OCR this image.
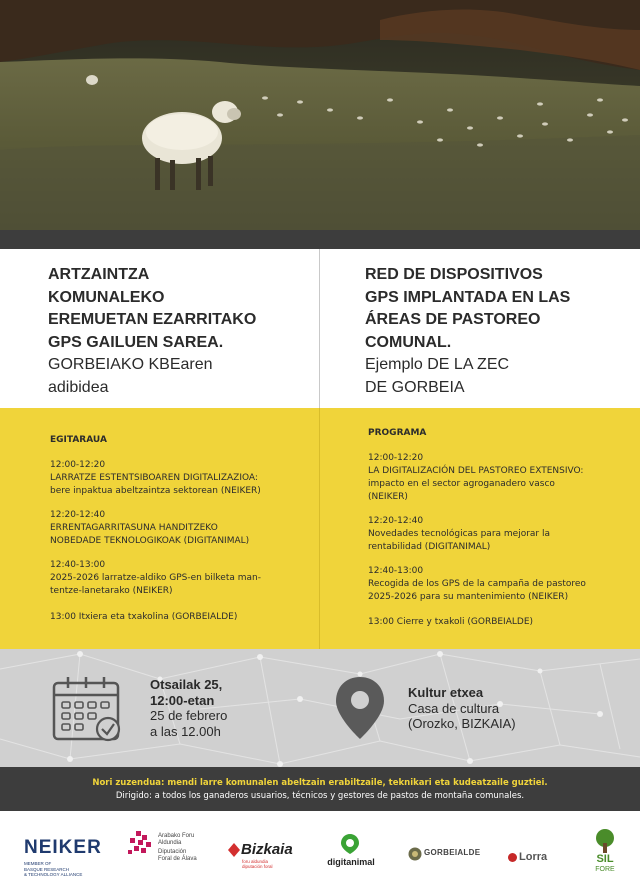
ARTZAINTZA
KOMUNALEKO
EREMUETAN EZARRITAKO
GPS GAILUEN SAREA.

GORBEIAKO KBEaren
adibidea

RED DE DISPOSITIVOS
GPS IMPLANTADA EN LAS
ÁREAS DE PASTOREO
COMUNAL.

Ejemplo DE LA ZEC
DE GORBEIA

EGITARAUA

12:00-12:20
LARRATZE ESTENTSIBOAREN DIGITALIZAZIOA:
bere inpaktua abeltzaintza sektorean (NEIKER)
12:20-12:40
ERRENTAGARRITASUNA HANDITZEKO
NOBEDADE TEKNOLOGIKOAK (DIGITANIMAL)
12:40-13:00
2025-2026 larratze-aldiko GPS-en bilketa man-
tentze-lanetarako (NEIKER)
13:00 Itxiera eta txakolina (GORBEIALDE)

PROGRAMA

12:00-12:20
LA DIGITALIZACIÓN DEL PASTOREO EXTENSIVO:
impacto en el sector agroganadero vasco
(NEIKER)
12:20-12:40
Novedades tecnológicas para mejorar la
rentabilidad (DIGITANIMAL)
12:40-13:00
Recogida de los GPS de la campaña de pastoreo
2025-2026 para su mantenimiento (NEIKER)
13:00 Cierre y txakoli (GORBEIALDE)
Otsailak 25,
12:00-etan
25 de febrero
a las 12.00h
Kultur etxea
Casa de cultura
(Orozko, BIZKAIA)
Nori zuzendua: mendi larre komunalen abeltzain erabiltzaile, teknikari eta kudeatzaile guztiei.
Dirigido: a todos los ganaderos usuarios, técnicos y gestores de pastos de montaña comunales.
NEIKER
MEMBER OF
BASQUE RESEARCH
& TECHNOLOGY ALLIANCE
Arabako Foru
Aldundia
Diputación
Foral de Álava
Bizkaia
foru aldundia
diputación foral	digitanimal
GORBEIALDE	Lorra	SIL
FORE
